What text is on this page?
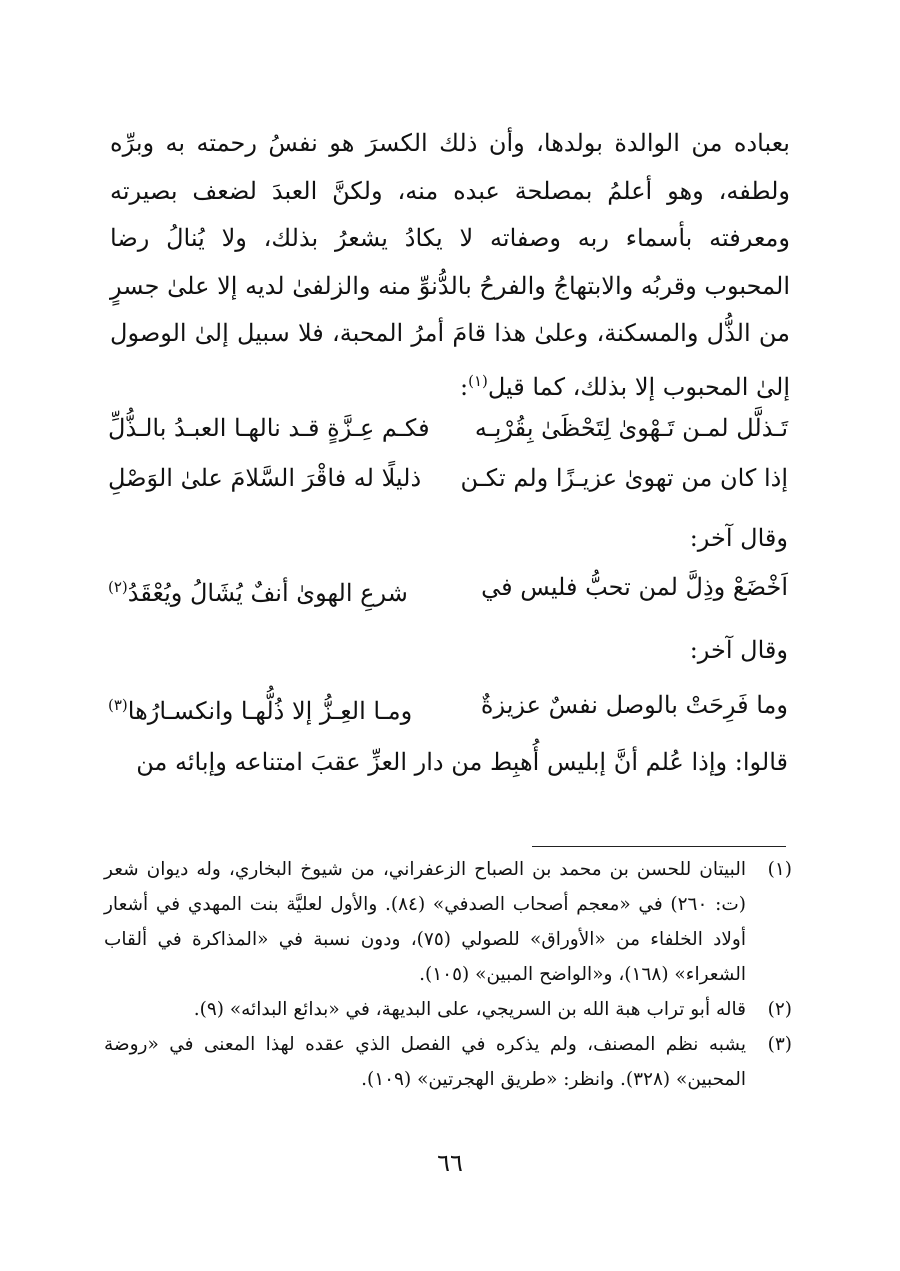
بعباده من الوالدة بولدها، وأن ذلك الكسرَ هو نفسُ رحمته به وبرِّه ولطفه، وهو أعلمُ بمصلحة عبده منه، ولكنَّ العبدَ لضعف بصيرته ومعرفته بأسماء ربه وصفاته لا يكادُ يشعرُ بذلك، ولا يُنالُ رضا المحبوب وقربُه والابتهاجُ والفرحُ بالدُّنوِّ منه والزلفىٰ لديه إلا علىٰ جسرٍ من الذُّل والمسكنة، وعلىٰ هذا قامَ أمرُ المحبة، فلا سبيل إلىٰ الوصول إلىٰ المحبوب إلا بذلك، كما قيل$^{(١)}$:

تَـذلَّل لمـن تَـهْوىٰ لِتَحْظَىٰ بِقُرْبِـه
فكـم عِـزَّةٍ قـد نالهـا العبـدُ بالـذُّلِّ
إذا كان من تهوىٰ عزيـزًا ولم تكـن
ذليلًا له فاقْرَ السَّلامَ علىٰ الوَصْلِ
وقال آخر:
اَخْضَعْ وذِلَّ لمن تحبُّ فليس في
شرعِ الهوىٰ أنفٌ يُشَالُ ويُعْقَدُ$^{(٢)}$
وقال آخر:
وما فَرِحَتْ بالوصل نفسٌ عزيزةٌ
ومـا العِـزُّ إلا ذُلُّهـا وانكسـارُها$^{(٣)}$

قالوا: وإذا عُلم أنَّ إبليس أُهبِط من دار العزِّ عقبَ امتناعه وإبائه من

(١)
البيتان للحسن بن محمد بن الصباح الزعفراني، من شيوخ البخاري، وله ديوان شعر (ت: ٢٦٠) في «معجم أصحاب الصدفي» (٨٤). والأول لعليَّة بنت المهدي في أشعار أولاد الخلفاء من «الأوراق» للصولي (٧٥)، ودون نسبة في «المذاكرة في ألقاب الشعراء» (١٦٨)، و«الواضح المبين» (١٠٥).
(٢)
قاله أبو تراب هبة الله بن السريجي، على البديهة، في «بدائع البدائه» (٩).
(٣)
يشبه نظم المصنف، ولم يذكره في الفصل الذي عقده لهذا المعنى في «روضة المحبين» (٣٢٨). وانظر: «طريق الهجرتين» (١٠٩).
٦٦
